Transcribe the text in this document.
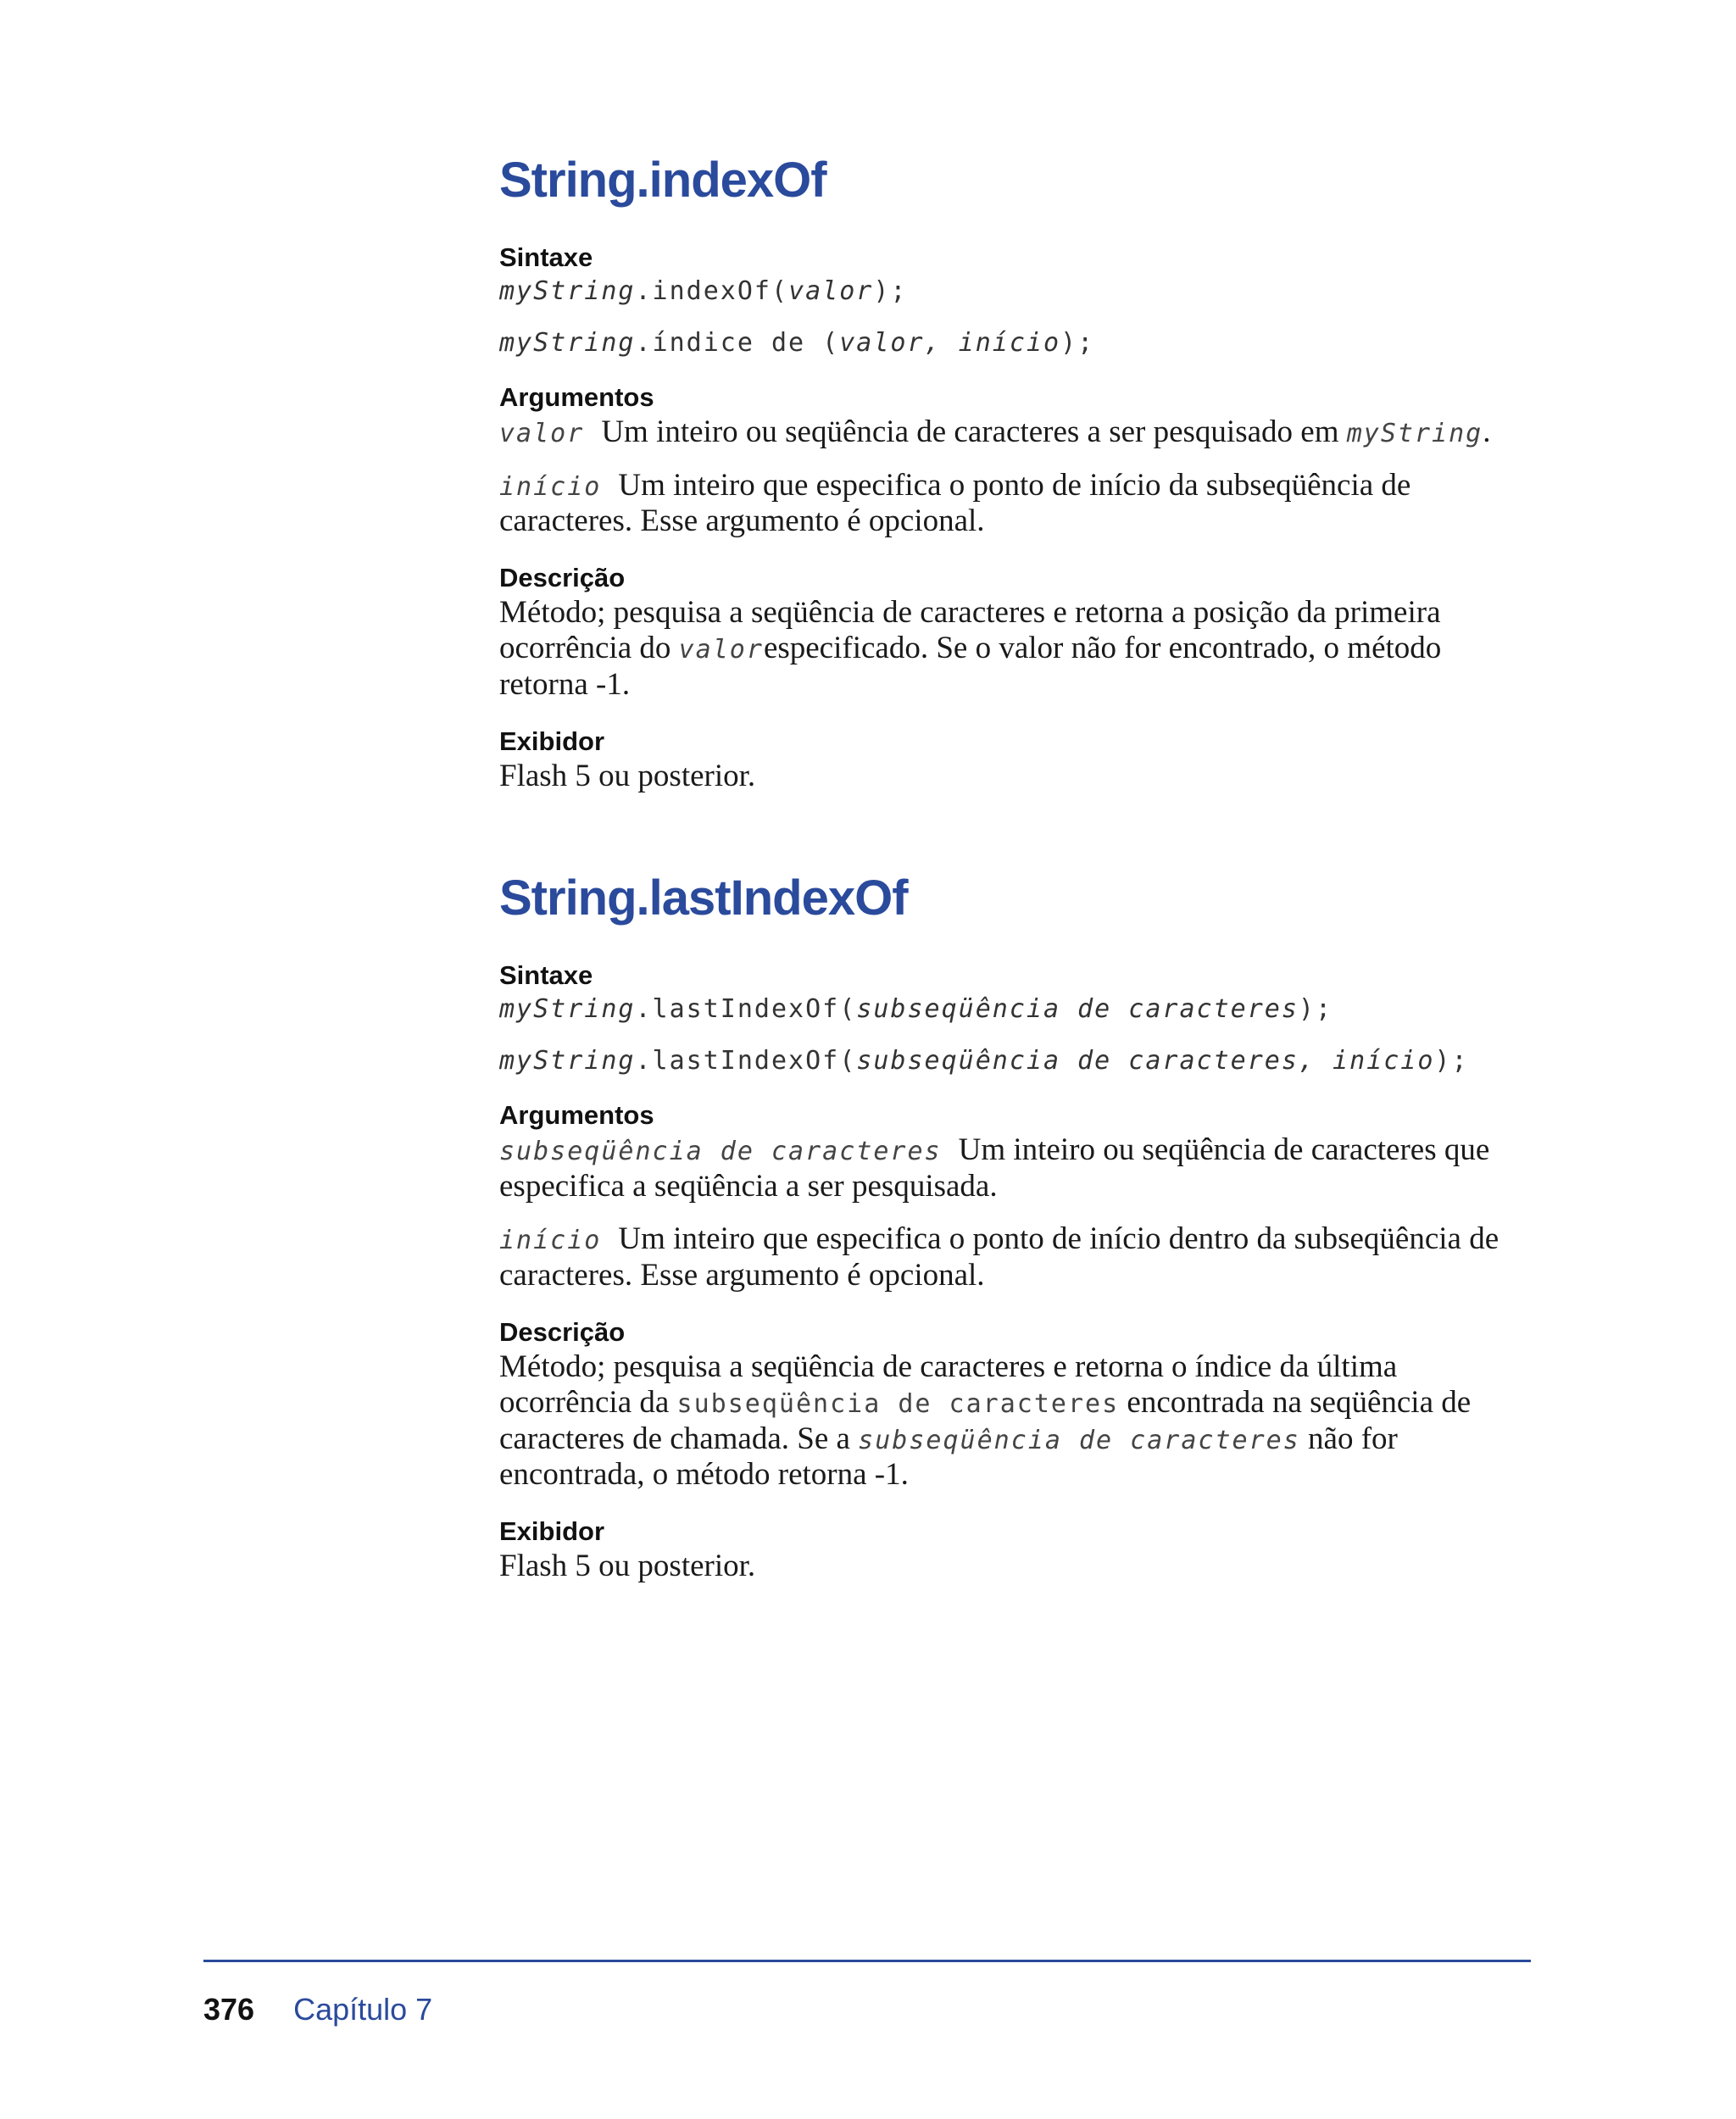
String.indexOf
Sintaxe
myString.indexOf(valor);
myString.índice de (valor, início);
Argumentos

valor Um inteiro ou seqüência de caracteres a ser pesquisado em myString.

início Um inteiro que especifica o ponto de início da subseqüência de caracteres. Esse argumento é opcional.

Descrição

Método; pesquisa a seqüência de caracteres e retorna a posição da primeira ocorrência do valorespecificado. Se o valor não for encontrado, o método retorna -1.

Exibidor

Flash 5 ou posterior.

String.lastIndexOf
Sintaxe
myString.lastIndexOf(subseqüência de caracteres);
myString.lastIndexOf(subseqüência de caracteres, início);
Argumentos

subseqüência de caracteres Um inteiro ou seqüência de caracteres que especifica a seqüência a ser pesquisada.

início Um inteiro que especifica o ponto de início dentro da subseqüência de caracteres. Esse argumento é opcional.

Descrição

Método; pesquisa a seqüência de caracteres e retorna o índice da última ocorrência da subseqüência de caracteres encontrada na seqüência de caracteres de chamada. Se a subseqüência de caracteres não for encontrada, o método retorna -1.

Exibidor

Flash 5 ou posterior.

376 Capítulo 7
